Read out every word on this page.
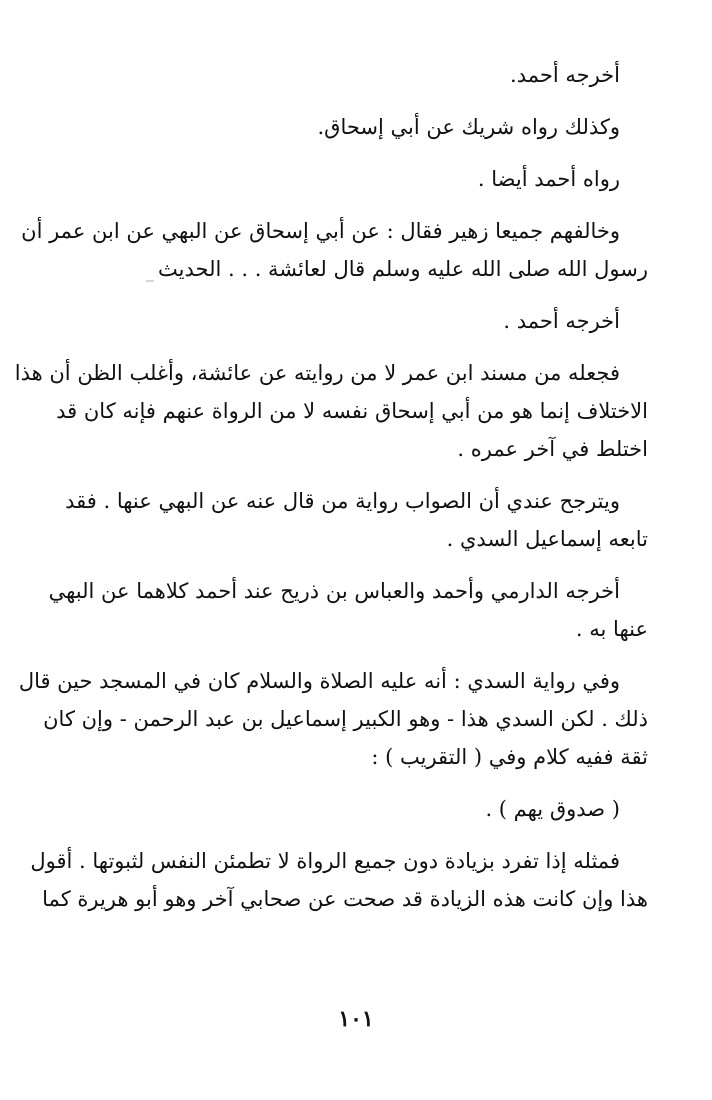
أخرجه أحمد.

وكذلك رواه شريك عن أبي إسحاق.

رواه أحمد أيضا .

وخالفهم جميعا زهير فقال : عن أبي إسحاق عن البهي عن ابن عمر أن
رسول الله صلى الله عليه وسلم قال لعائشة . . . الحديث

أخرجه أحمد .

فجعله من مسند ابن عمر لا من روايته عن عائشة، وأغلب الظن أن هذا
الاختلاف إنما هو من أبي إسحاق نفسه لا من الرواة عنهم فإنه كان قد
اختلط في آخر عمره .

ويترجح عندي أن الصواب رواية من قال عنه عن البهي عنها . فقد
تابعه إسماعيل السدي .

أخرجه الدارمي وأحمد والعباس بن ذريح عند أحمد كلاهما عن البهي
عنها به .

وفي رواية السدي : أنه عليه الصلاة والسلام كان في المسجد حين قال
ذلك . لكن السدي هذا - وهو الكبير إسماعيل بن عبد الرحمن - وإن كان
ثقة ففيه كلام وفي ( التقريب ) :

( صدوق يهم ) .

فمثله إذا تفرد بزيادة دون جميع الرواة لا تطمئن النفس لثبوتها . أقول
هذا وإن كانت هذه الزيادة قد صحت عن صحابي آخر وهو أبو هريرة كما

١٠١
